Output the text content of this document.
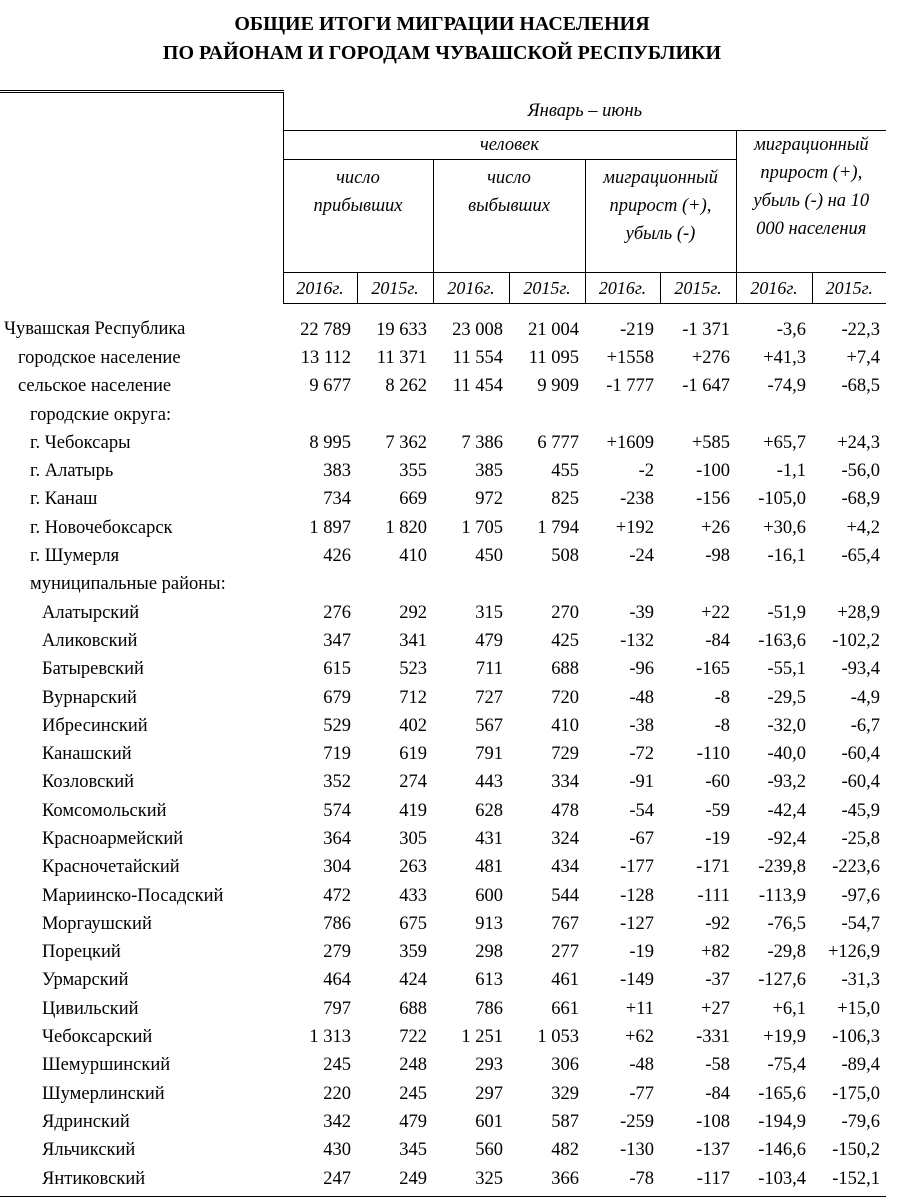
ОБЩИЕ ИТОГИ МИГРАЦИИ НАСЕЛЕНИЯ
ПО РАЙОНАМ И ГОРОДАМ ЧУВАШСКОЙ РЕСПУБЛИКИ
	Январь – июнь							
	человек						миграционный прирост (+), убыль (-) на 10 000 населения	
	число прибывших		число выбывших		миграционный прирост (+), убыль (-)			
	2016г.	2015г.	2016г.	2015г.	2016г.	2015г.	2016г.	2015г.
Чувашская Республика	22 789	19 633	23 008	21 004	-219	-1 371	-3,6	-22,3
городское население	13 112	11 371	11 554	11 095	+1558	+276	+41,3	+7,4
сельское население	9 677	8 262	11 454	9 909	-1 777	-1 647	-74,9	-68,5
городские округа:								
г. Чебоксары	8 995	7 362	7 386	6 777	+1609	+585	+65,7	+24,3
г. Алатырь	383	355	385	455	-2	-100	-1,1	-56,0
г. Канаш	734	669	972	825	-238	-156	-105,0	-68,9
г. Новочебоксарск	1 897	1 820	1 705	1 794	+192	+26	+30,6	+4,2
г. Шумерля	426	410	450	508	-24	-98	-16,1	-65,4
муниципальные районы:								
Алатырский	276	292	315	270	-39	+22	-51,9	+28,9
Аликовский	347	341	479	425	-132	-84	-163,6	-102,2
Батыревский	615	523	711	688	-96	-165	-55,1	-93,4
Вурнарский	679	712	727	720	-48	-8	-29,5	-4,9
Ибресинский	529	402	567	410	-38	-8	-32,0	-6,7
Канашский	719	619	791	729	-72	-110	-40,0	-60,4
Козловский	352	274	443	334	-91	-60	-93,2	-60,4
Комсомольский	574	419	628	478	-54	-59	-42,4	-45,9
Красноармейский	364	305	431	324	-67	-19	-92,4	-25,8
Красночетайский	304	263	481	434	-177	-171	-239,8	-223,6
Мариинско-Посадский	472	433	600	544	-128	-111	-113,9	-97,6
Моргаушский	786	675	913	767	-127	-92	-76,5	-54,7
Порецкий	279	359	298	277	-19	+82	-29,8	+126,9
Урмарский	464	424	613	461	-149	-37	-127,6	-31,3
Цивильский	797	688	786	661	+11	+27	+6,1	+15,0
Чебоксарский	1 313	722	1 251	1 053	+62	-331	+19,9	-106,3
Шемуршинский	245	248	293	306	-48	-58	-75,4	-89,4
Шумерлинский	220	245	297	329	-77	-84	-165,6	-175,0
Ядринский	342	479	601	587	-259	-108	-194,9	-79,6
Яльчикский	430	345	560	482	-130	-137	-146,6	-150,2
Янтиковский	247	249	325	366	-78	-117	-103,4	-152,1
